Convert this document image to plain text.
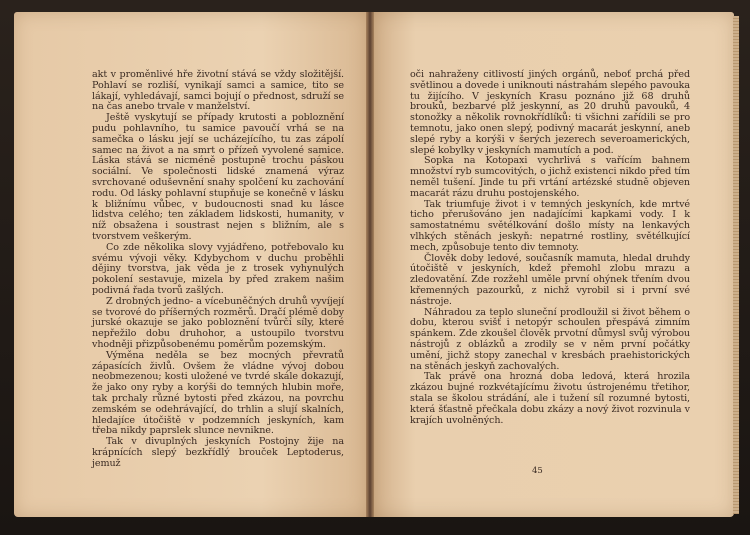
akt v proměnlivé hře životní stává se vždy složitější. Pohlaví se rozliší, vynikají samci a samice, tito se lákají, vyhledávají, samci bojují o přednost, sdruží se na čas anebo trvale v manželství.

Ještě vyskytují se případy krutosti a pobloznění pudu pohlavního, tu samice pavoučí vrhá se na samečka o lásku její se ucházejícího, tu zas zápolí samec na život a na smrt o přízeň vyvolené samice. Láska stává se nicméně postupně trochu páskou sociální. Ve společnosti lidské znamená výraz svrchované oduševnění snahy spolčení ku zachování rodu. Od lásky pohlavní stupňuje se konečně v lásku k bližnímu vůbec, v budoucnosti snad ku lásce lidstva celého; ten základem lidskosti, humanity, v níž obsažena i soustrast nejen s bližním, ale s tvorstvem veškerým.

Co zde několika slovy vyjádřeno, potřebovalo ku svému vývoji věky. Kdybychom v duchu proběhli dějiny tvorstva, jak věda je z trosek vyhynulých pokolení sestavuje, mizela by před zrakem našim podivná řada tvorů zašlých.

Z drobných jedno- a vícebuněčných druhů vyvíjejí se tvorové do příšerných rozměrů. Dračí plémě doby jurské okazuje se jako pobloznění tvůrčí síly, které nepřežilo dobu druhohor, a ustoupilo tvorstvu vhodněji přizpůsobenému poměrům pozemským.

Výměna neděla se bez mocných převratů zápasících živlů. Ovšem že vládne vývoj dobou neobmezenou; kosti uložené ve tvrdé skále dokazují, že jako ony ryby a korýši do temných hlubin moře, tak prchaly různé bytosti před zkázou, na povrchu zemském se odehrávající, do trhlin a slují skalních, hledajíce útočiště v podzemních jeskyních, kam třeba nikdy paprslek slunce nevnikne.

Tak v divuplných jeskyních Postojny žije na krápnících slepý bezkřídlý brouček Leptoderus, jemuž

oči nahraženy citlivostí jiných orgánů, neboť prchá před světlinou a dovede i uniknouti nástrahám slepého pavouka tu žijícího. V jeskyních Krasu poznáno již 68 druhů brouků, bezbarvé plž jeskynní, as 20 druhů pavouků, 4 stonožky a několik rovnokřídlíků: ti všichni zařídili se pro temnotu, jako onen slepý, podivný macarát jeskynní, aneb slepé ryby a korýši v šerých jezerech severoamerických, slepé kobylky v jeskyních mamutích a pod.

Sopka na Kotopaxi vychrlivá s vařícím bahnem množství ryb sumcovitých, o jichž existenci nikdo před tím neměl tušení. Jinde tu při vrtání artézské studně objeven macarát rázu druhu postojenského.

Tak triumfuje život i v temných jeskyních, kde mrtvé ticho přerušováno jen nadajícími kapkami vody. I k samostatnému světélkování došlo místy na lenkavých vlhkých stěnách jeskyň: nepatrné rostliny, světélkující mech, způsobuje tento div temnoty.

Člověk doby ledové, současník mamuta, hledal druhdy útočiště v jeskyních, kdež přemohl zlobu mrazu a zledovatění. Zde rozžehl uměle první ohýnek třením dvou křemenných pazourků, z nichž vyrobil si i první své nástroje.

Náhradou za teplo sluneční prodloužil si život během o dobu, kterou svišť i netopýr schoulen přespává zimním spánkem. Zde zkoušel člověk prvotní důmysl svůj výrobou nástrojů z oblázků a zrodily se v něm první počátky umění, jichž stopy zanechal v kresbách praehistorických na stěnách jeskyň zachovalých.

Tak právě ona hrozná doba ledová, která hrozila zkázou bujné rozkvétajícímu životu ústrojenému třetihor, stala se školou strádání, ale i tužení síl rozumné bytosti, která šťastně přečkala dobu zkázy a nový život rozvinula v krajích uvolněných.

45
